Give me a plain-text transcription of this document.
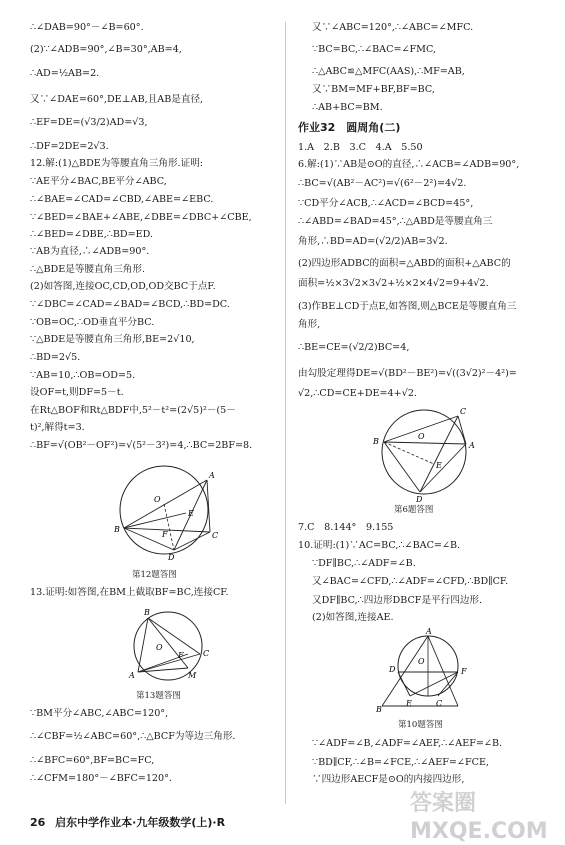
∴∠DAB=90°－∠B=60°.
(2)∵∠ADB=90°,∠B=30°,AB=4,
∴AD=½AB=2.
又∵∠DAE=60°,DE⊥AB,且AB是直径,
∴EF=DE=(√3/2)AD=√3,
∴DF=2DE=2√3.
12.解:(1)△BDE为等腰直角三角形.证明:
∵AE平分∠BAC,BE平分∠ABC,
∴∠BAE=∠CAD=∠CBD,∠ABE=∠EBC.
∵∠BED=∠BAE+∠ABE,∠DBE=∠DBC+∠CBE,
∴∠BED=∠DBE,∴BD=ED.
∵AB为直径,∴∠ADB=90°.
∴△BDE是等腰直角三角形.
(2)如答图,连接OC,CD,OD,OD交BC于点F.
∵∠DBC=∠CAD=∠BAD=∠BCD,∴BD=DC.
∵OB=OC,∴OD垂直平分BC.
∵△BDE是等腰直角三角形,BE=2√10,
∴BD=2√5.
∵AB=10,∴OB=OD=5.
设OF=t,则DF=5－t.
在Rt△BOF和Rt△BDF中,5²－t²=(2√5)²－(5－
t)²,解得t=3.
∴BF=√(OB²－OF²)=√(5²－3²)=4,∴BC=2BF=8.
A
B
C
D
E
F
O
第12题答图
13.证明:如答图,在BM上截取BF=BC,连接CF.
B
C
A	M
F
O
第13题答图
∵BM平分∠ABC,∠ABC=120°,
∴∠CBF=½∠ABC=60°,∴△BCF为等边三角形.
∴∠BFC=60°,BF=BC=FC,
∴∠CFM=180°－∠BFC=120°.
又∵∠ABC=120°,∴∠ABC=∠MFC.
∵BC=BC,∴∠BAC=∠FMC,
∴△ABC≌△MFC(AAS),∴MF=AB,
又∵BM=MF+BF,BF=BC,
∴AB+BC=BM.
作业32　圆周角(二)
1.A　2.B　3.C　4.A　5.50
6.解:(1)∵AB是⊙O的直径,∴∠ACB=∠ADB=90°,
∴BC=√(AB²－AC²)=√(6²－2²)=4√2.
∵CD平分∠ACB,∴∠ACD=∠BCD=45°,
∴∠ABD=∠BAD=45°,∴△ABD是等腰直角三
角形,∴BD=AD=(√2/2)AB=3√2.
(2)四边形ADBC的面积=△ABD的面积+△ABC的
面积=½×3√2×3√2+½×2×4√2=9+4√2.
(3)作BE⊥CD于点E,如答图,则△BCE是等腰直角三
角形,
∴BE=CE=(√2/2)BC=4,
由勾股定理得DE=√(BD²－BE²)=√((3√2)²－4²)=
√2,∴CD=CE+DE=4+√2.
C
B	A
D
E
O
第6题答图
7.C　8.144°　9.155
10.证明:(1)∵AC=BC,∴∠BAC=∠B.
∵DF∥BC,∴∠ADF=∠B.
又∠BAC=∠CFD,∴∠ADF=∠CFD,∴BD∥CF.
又DF∥BC,∴四边形DBCF是平行四边形.
(2)如答图,连接AE.
A
D	F
B
E	C
O
第10题答图
∵∠ADF=∠B,∠ADF=∠AEF,∴∠AEF=∠B.
∵BD∥CF,∴∠B=∠FCE,∴∠AEF=∠FCE,
∵四边形AECF是⊙O的内接四边形,
26 启东中学作业本·九年级数学(上)·R
答案圈 MXQE.COM
